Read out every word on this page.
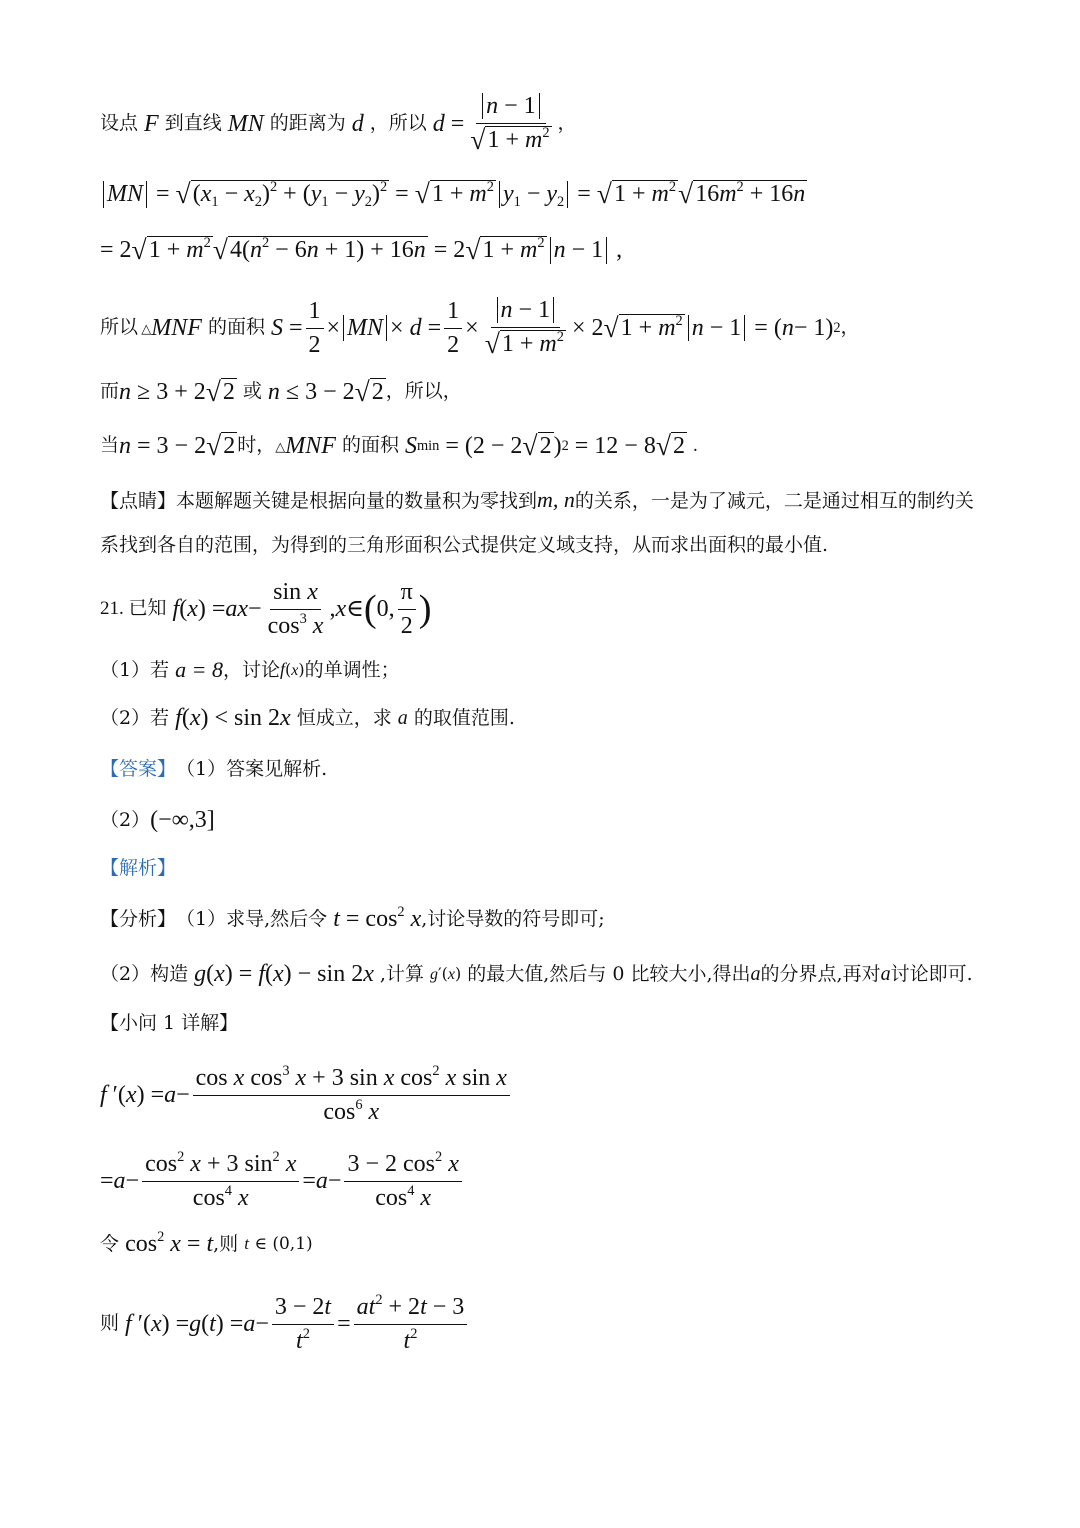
设点
F
到直线
MN
的距离为
d
，所以
$d = \frac{n - 1}{√ 1 + m^2}$ ，
MN = √ $(x_1 - x_2)^2 + (y_1 - y_2)^2$ = √ $1 + m^2$ $y_1 - y_2$ = √ $1 + m^2$ √ $16m^2 + 16n$
= 2 √ $1 + m^2$ √ $4(n^2 - 6n + 1) + 16n = 2$ √ $1 + m^2$ n − 1 ,
所以 △ MNF
的面积
$S = \frac{1}{2}$ × MN × $d = \frac{1}{2} \times \frac{n - 1}{√ 1 + m^2} \times 2$ √ $1 + m^2$ n − 1 = ( n − 1) 2 ，
而 n ≥ 3 + 2 √ 2
或
n ≤ 3 − 2 √ 2 ，所以，
当 n = 3 − 2 √ 2 时， △ MNF
的面积
S min = (2 − 2 √ 2 ) 2 = 12 − 8 √ 2
.
【点睛】本题解题关键是根据向量的数量积为零找到m, n的关系，一是为了减元，二是通过相互的制约关系找到各自的范围，为得到的三角形面积公式提供定义域支持，从而求出面积的最小值.
21. 已知
f ( x ) = ax − $\frac{\text{sin x}}{\cos^3 x}$ , x ∈ ( 0, $\frac{\pi}{2}$ )
（1）若
a = 8 ，讨论 f (x) 的单调性；
（2）若
f(x) < sin 2x
恒成立，求
a
的取值范围.
【答案】 （1）答案见解析.
（2） (−∞,3]
【解析】
【分析】 （1）求导,然后令
$t = \cos^2 x$ ,讨论导数的符号即可;
（2）构造
g(x) = f(x) − sin 2x
,计算
g′(x)
的最大值,然后与 0 比较大小,得出 a 的分界点,再对 a 讨论即可.
【小问 1 详解】
f ′( x ) = $a - \frac{\cos x \cos^3 x + 3 \sin x \cos^2 x \sin x}{\cos^6 x}$
= $a - \frac{\cos^2 x + 3 \sin^2 x}{\cos^4 x} = a - \frac{3 - 2 \cos^2 x}{\cos^4 x}$
令
$\cos^2 x = t$ ,则
t ∈ (0,1)
则
f ′( x ) = g ( t ) = $a - \frac{3 - 2t}{t^2} = \frac{at^2 + 2t - 3}{t^2}$
